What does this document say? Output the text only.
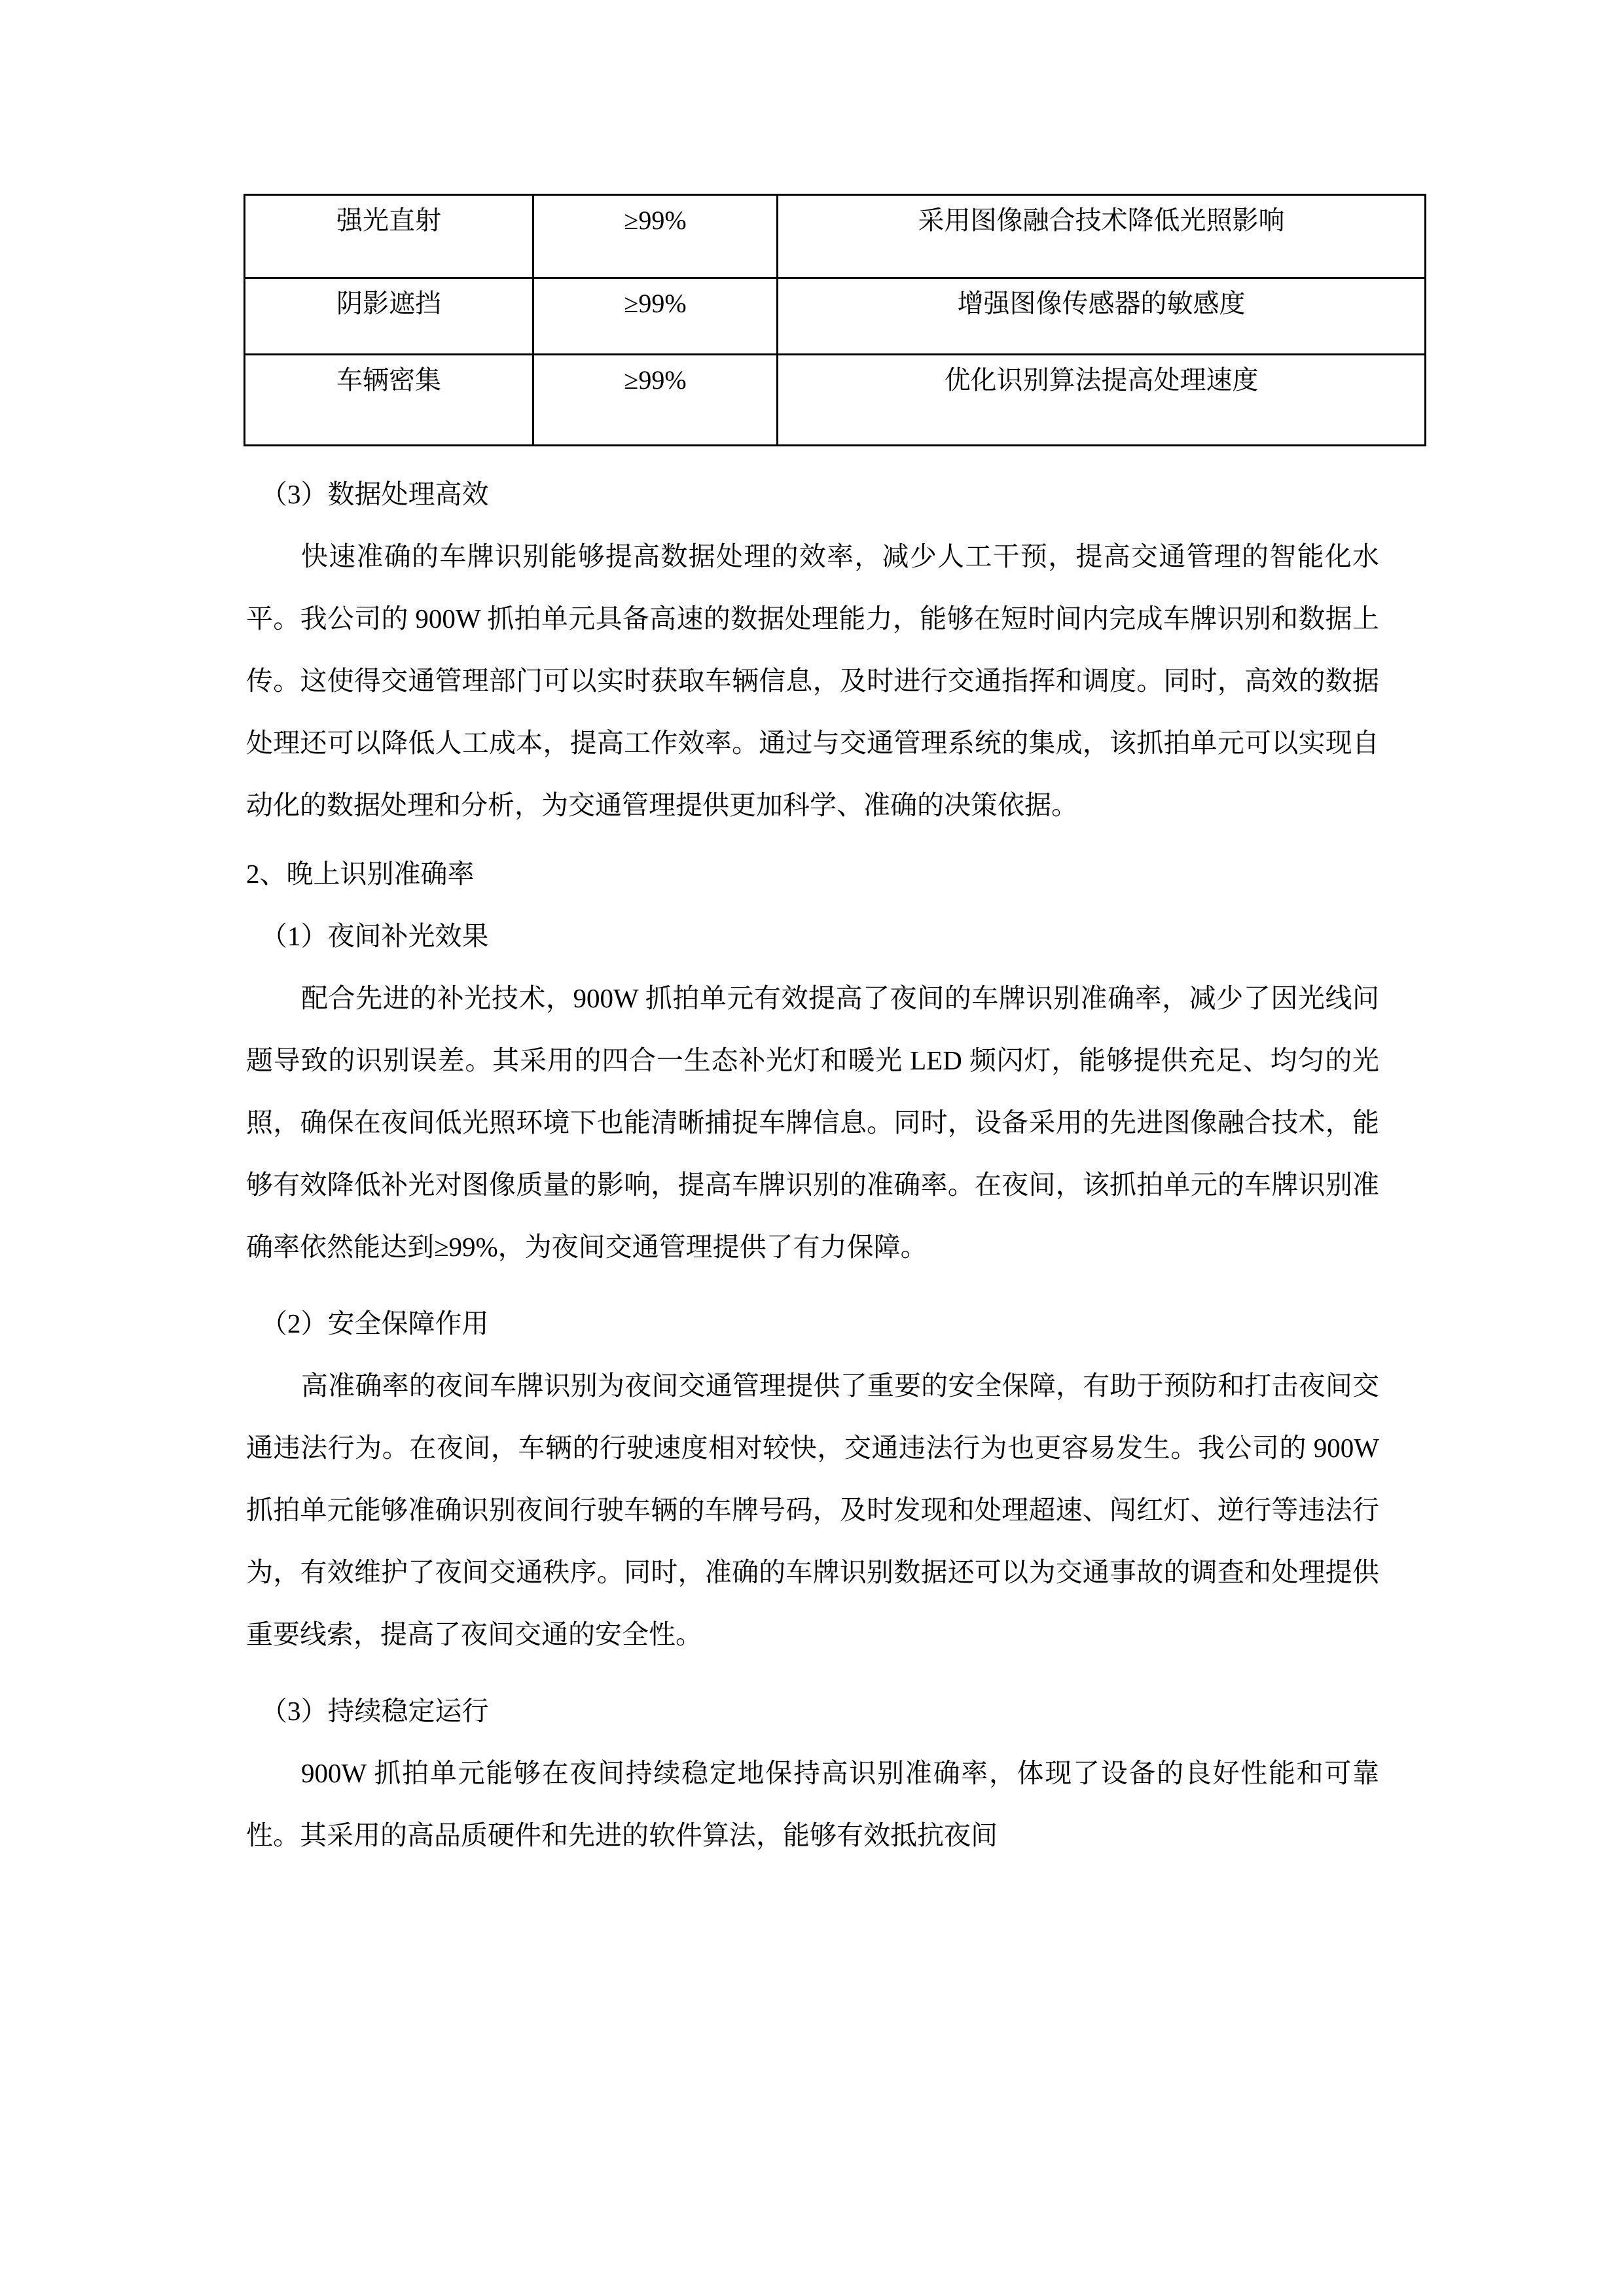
强光直射	≥99%	采用图像融合技术降低光照影响
阴影遮挡	≥99%	增强图像传感器的敏感度
车辆密集	≥99%	优化识别算法提高处理速度

（3）数据处理高效

快速准确的车牌识别能够提高数据处理的效率，减少人工干预，提高交通管理的智能化水平。我公司的 900W 抓拍单元具备高速的数据处理能力，能够在短时间内完成车牌识别和数据上传。这使得交通管理部门可以实时获取车辆信息，及时进行交通指挥和调度。同时，高效的数据处理还可以降低人工成本，提高工作效率。通过与交通管理系统的集成，该抓拍单元可以实现自动化的数据处理和分析，为交通管理提供更加科学、准确的决策依据。

2、晚上识别准确率

（1）夜间补光效果

配合先进的补光技术，900W 抓拍单元有效提高了夜间的车牌识别准确率，减少了因光线问题导致的识别误差。其采用的四合一生态补光灯和暖光 LED 频闪灯，能够提供充足、均匀的光照，确保在夜间低光照环境下也能清晰捕捉车牌信息。同时，设备采用的先进图像融合技术，能够有效降低补光对图像质量的影响，提高车牌识别的准确率。在夜间，该抓拍单元的车牌识别准确率依然能达到≥99%，为夜间交通管理提供了有力保障。

（2）安全保障作用

高准确率的夜间车牌识别为夜间交通管理提供了重要的安全保障，有助于预防和打击夜间交通违法行为。在夜间，车辆的行驶速度相对较快，交通违法行为也更容易发生。我公司的 900W 抓拍单元能够准确识别夜间行驶车辆的车牌号码，及时发现和处理超速、闯红灯、逆行等违法行为，有效维护了夜间交通秩序。同时，准确的车牌识别数据还可以为交通事故的调查和处理提供重要线索，提高了夜间交通的安全性。

（3）持续稳定运行

900W 抓拍单元能够在夜间持续稳定地保持高识别准确率，体现了设备的良好性能和可靠性。其采用的高品质硬件和先进的软件算法，能够有效抵抗夜间
